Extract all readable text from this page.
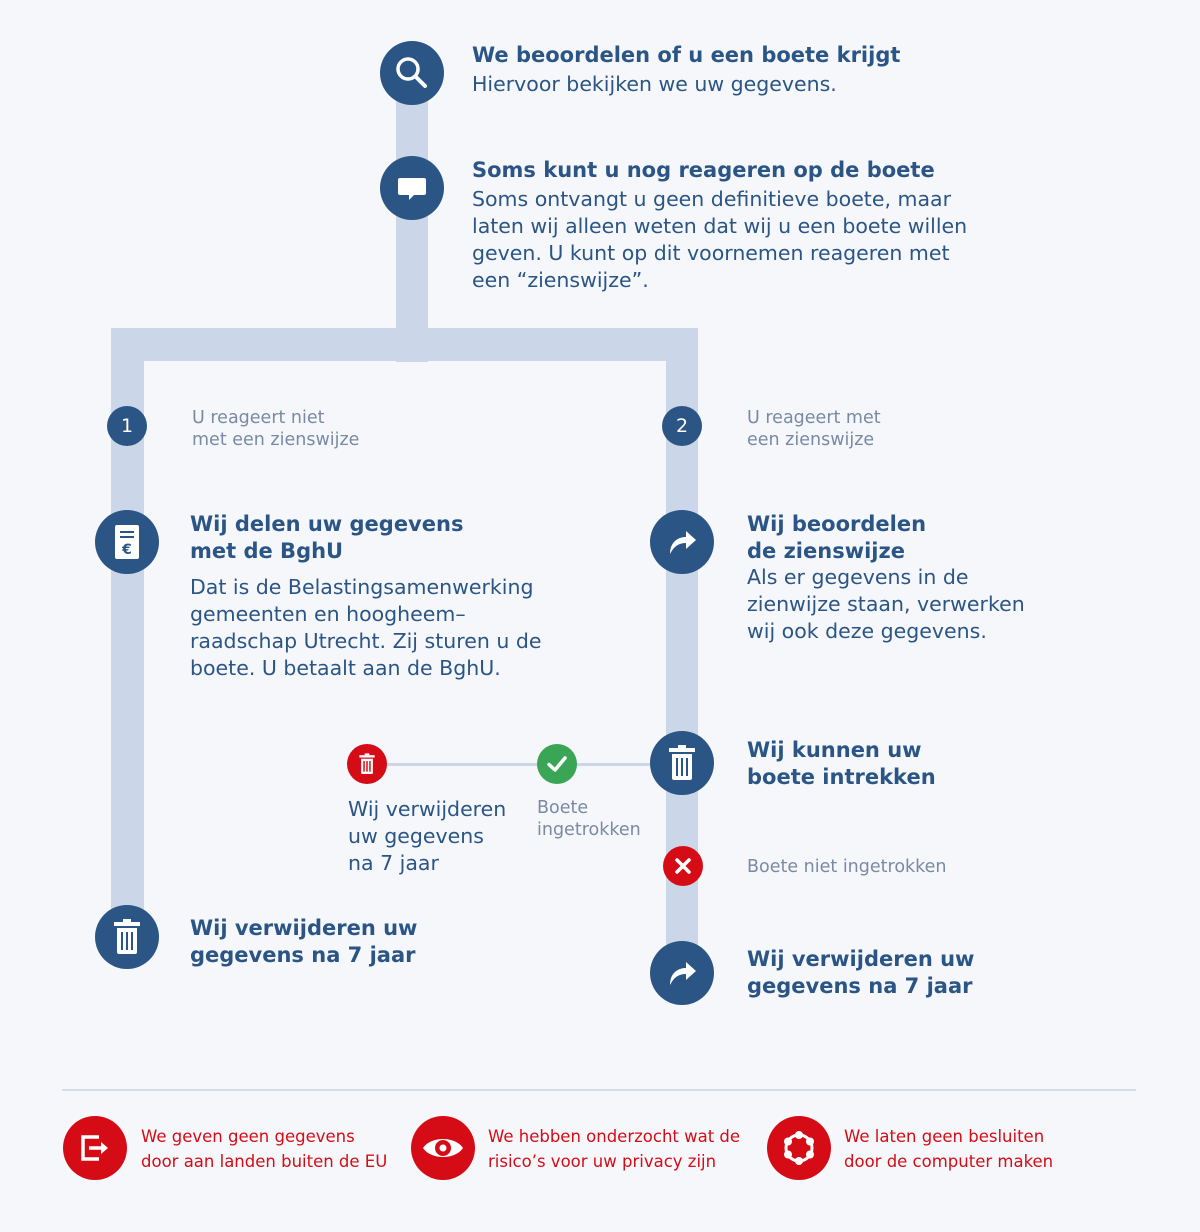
We beoordelen of u een boete krijgt
Hiervoor bekijken we uw gegevens.
Soms kunt u nog reageren op de boete
Soms ontvangt u geen definitieve boete, maar
laten wij alleen weten dat wij u een boete willen
geven. U kunt op dit voornemen reageren met
een “zienswijze”.
1	U reageert niet
met een zienswijze
€
Wij delen uw gegevens
met de BghU
Dat is de Belastingsamenwerking
gemeenten en hoogheem–
raadschap Utrecht. Zij sturen u de
boete. U betaalt aan de BghU.
Wij verwijderen uw
gegevens na 7 jaar
2	U reageert met
een zienswijze
Wij beoordelen
de zienswijze
Als er gegevens in de
zienwijze staan, verwerken
wij ook deze gegevens.
Wij kunnen uw
boete intrekken
Boete
ingetrokken
Wij verwijderen
uw gegevens
na 7 jaar	Boete niet ingetrokken
Wij verwijderen uw
gegevens na 7 jaar
We geven geen gegevens
door aan landen buiten de EU
We hebben onderzocht wat de
risico’s voor uw privacy zijn
We laten geen besluiten
door de computer maken
